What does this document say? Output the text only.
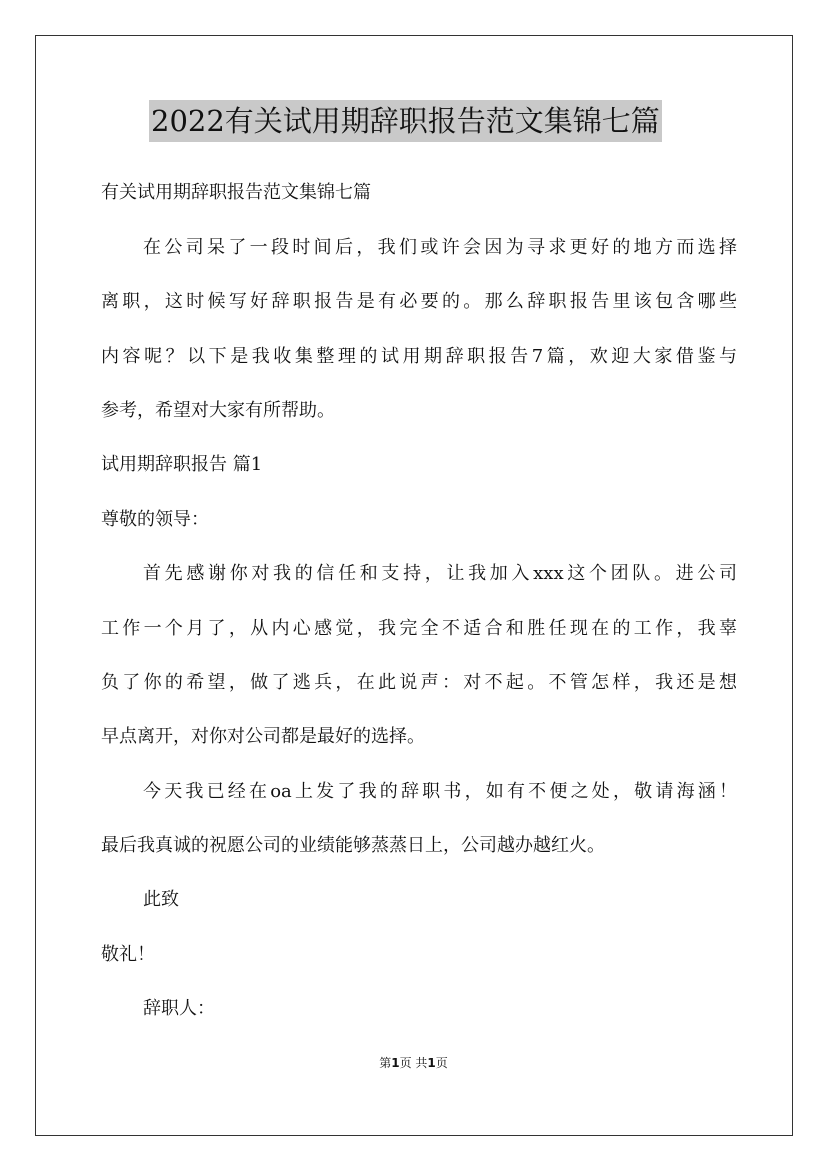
2022有关试用期辞职报告范文集锦七篇
有关试用期辞职报告范文集锦七篇
在公司呆了一段时间后，我们或许会因为寻求更好的地方而选择
离职，这时候写好辞职报告是有必要的。那么辞职报告里该包含哪些
内容呢？以下是我收集整理的试用期辞职报告7篇，欢迎大家借鉴与
参考，希望对大家有所帮助。
试用期辞职报告 篇1
尊敬的领导：
首先感谢你对我的信任和支持，让我加入xxx这个团队。进公司
工作一个月了，从内心感觉，我完全不适合和胜任现在的工作，我辜
负了你的希望，做了逃兵，在此说声：对不起。不管怎样，我还是想
早点离开，对你对公司都是最好的选择。
今天我已经在oa上发了我的辞职书，如有不便之处，敬请海涵！
最后我真诚的祝愿公司的业绩能够蒸蒸日上，公司越办越红火。
此致
敬礼！
辞职人：
第1页 共1页
